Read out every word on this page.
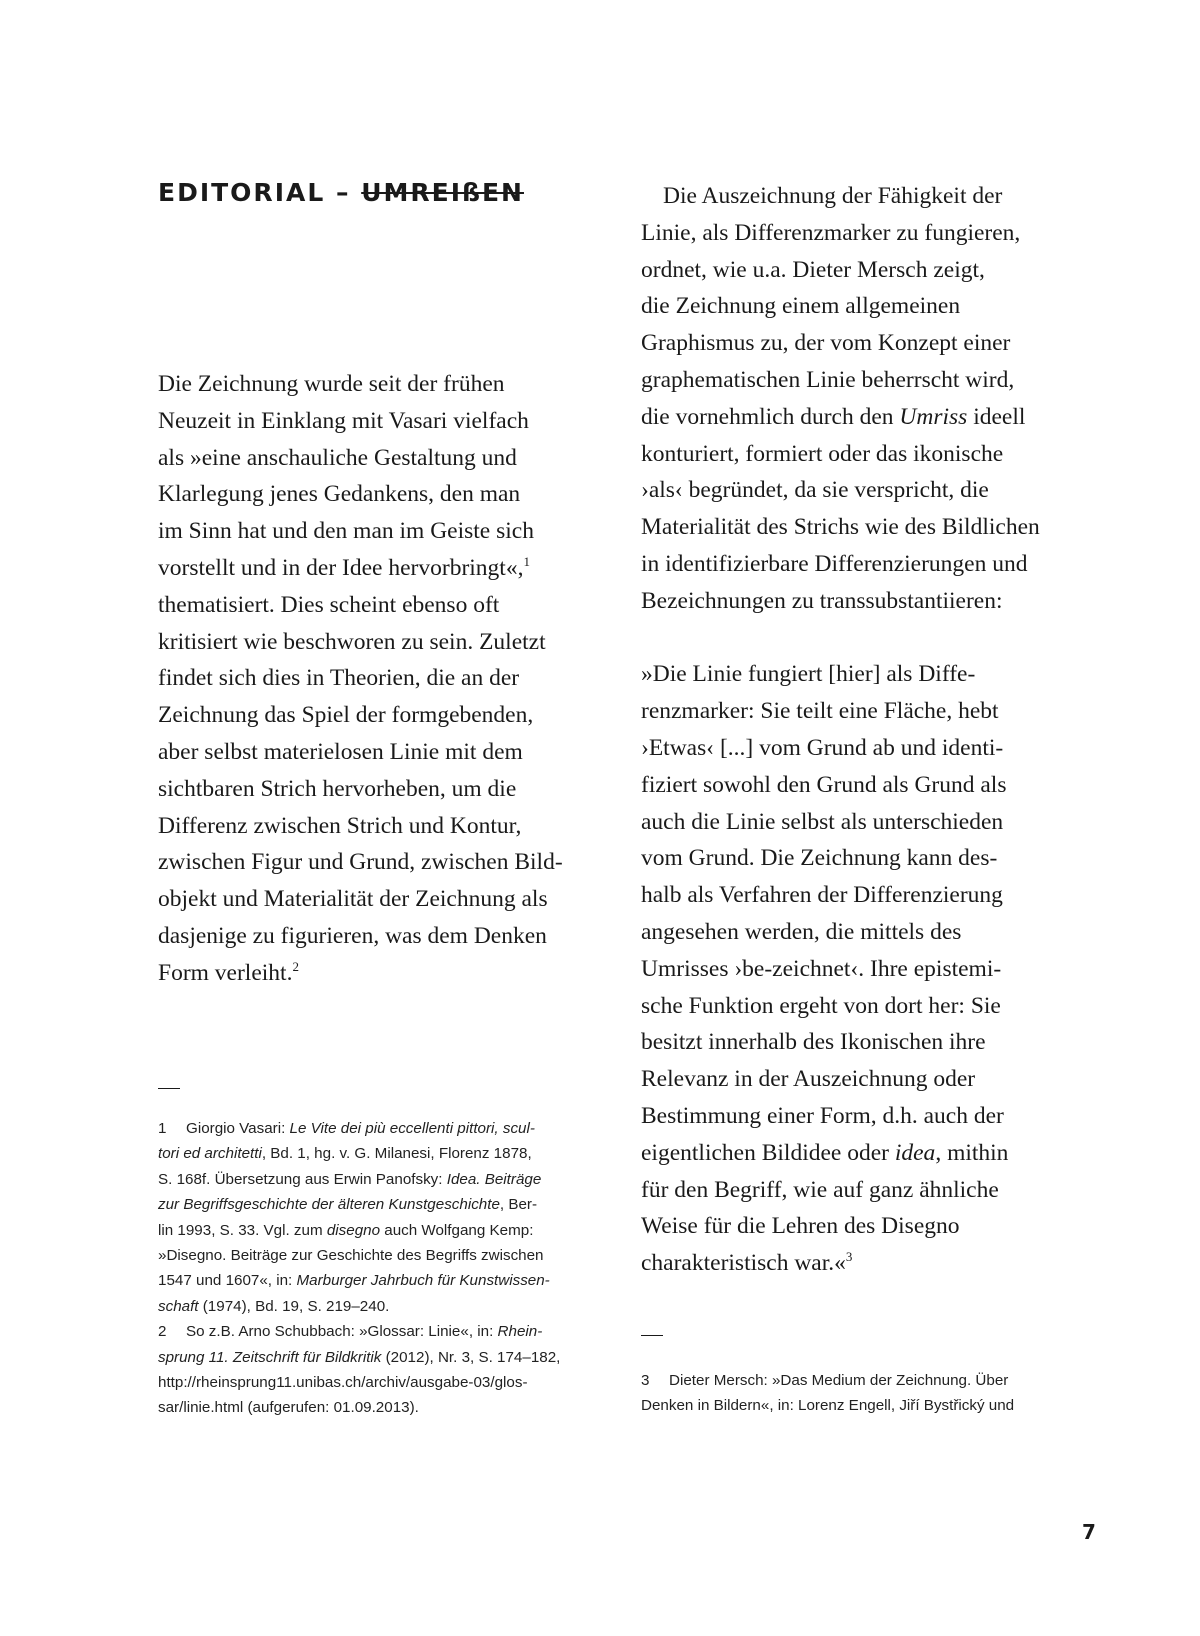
EDITORIAL – UMREIßEN
Die Zeichnung wurde seit der frühen
Neuzeit in Einklang mit Vasari vielfach
als »eine anschauliche Gestaltung und
Klarlegung jenes Gedankens, den man
im Sinn hat und den man im Geiste sich
vorstellt und in der Idee hervorbringt«,$^1$
thematisiert. Dies scheint ebenso oft
kritisiert wie beschworen zu sein. Zuletzt
findet sich dies in Theorien, die an der
Zeichnung das Spiel der formgebenden,
aber selbst materielosen Linie mit dem
sichtbaren Strich hervorheben, um die
Differenz zwischen Strich und Kontur,
zwischen Figur und Grund, zwischen Bild-
objekt und Materialität der Zeichnung als
dasjenige zu figurieren, was dem Denken
Form verleiht.$^2$
1 Giorgio Vasari: Le Vite dei più eccellenti pittori, scul-
tori ed architetti, Bd. 1, hg. v. G. Milanesi, Florenz 1878,
S. 168f. Übersetzung aus Erwin Panofsky: Idea. Beiträge
zur Begriffsgeschichte der älteren Kunstgeschichte, Ber-
lin 1993, S. 33. Vgl. zum disegno auch Wolfgang Kemp:
»Disegno. Beiträge zur Geschichte des Begriffs zwischen
1547 und 1607«, in: Marburger Jahrbuch für Kunstwissen-
schaft (1974), Bd. 19, S. 219–240.
2 So z.B. Arno Schubbach: »Glossar: Linie«, in: Rhein-
sprung 11. Zeitschrift für Bildkritik (2012), Nr. 3, S. 174–182,
http://rheinsprung11.unibas.ch/archiv/ausgabe-03/glos-
sar/linie.html (aufgerufen: 01.09.2013).
Die Auszeichnung der Fähigkeit der
Linie, als Differenzmarker zu fungieren,
ordnet, wie u.a. Dieter Mersch zeigt,
die Zeichnung einem allgemeinen
Graphismus zu, der vom Konzept einer
graphematischen Linie beherrscht wird,
die vornehmlich durch den Umriss ideell
konturiert, formiert oder das ikonische
›als‹ begründet, da sie verspricht, die
Materialität des Strichs wie des Bildlichen
in identifizierbare Differenzierungen und
Bezeichnungen zu transsubstantiieren:
»Die Linie fungiert [hier] als Diffe-
renzmarker: Sie teilt eine Fläche, hebt
›Etwas‹ [...] vom Grund ab und identi-
fiziert sowohl den Grund als Grund als
auch die Linie selbst als unterschieden
vom Grund. Die Zeichnung kann des-
halb als Verfahren der Differenzierung
angesehen werden, die mittels des
Umrisses ›be-zeichnet‹. Ihre epistemi-
sche Funktion ergeht von dort her: Sie
besitzt innerhalb des Ikonischen ihre
Relevanz in der Auszeichnung oder
Bestimmung einer Form, d.h. auch der
eigentlichen Bildidee oder idea, mithin
für den Begriff, wie auf ganz ähnliche
Weise für die Lehren des Disegno
charakteristisch war.«$^3$
3 Dieter Mersch: »Das Medium der Zeichnung. Über
Denken in Bildern«, in: Lorenz Engell, Jiří Bystřický und
7
